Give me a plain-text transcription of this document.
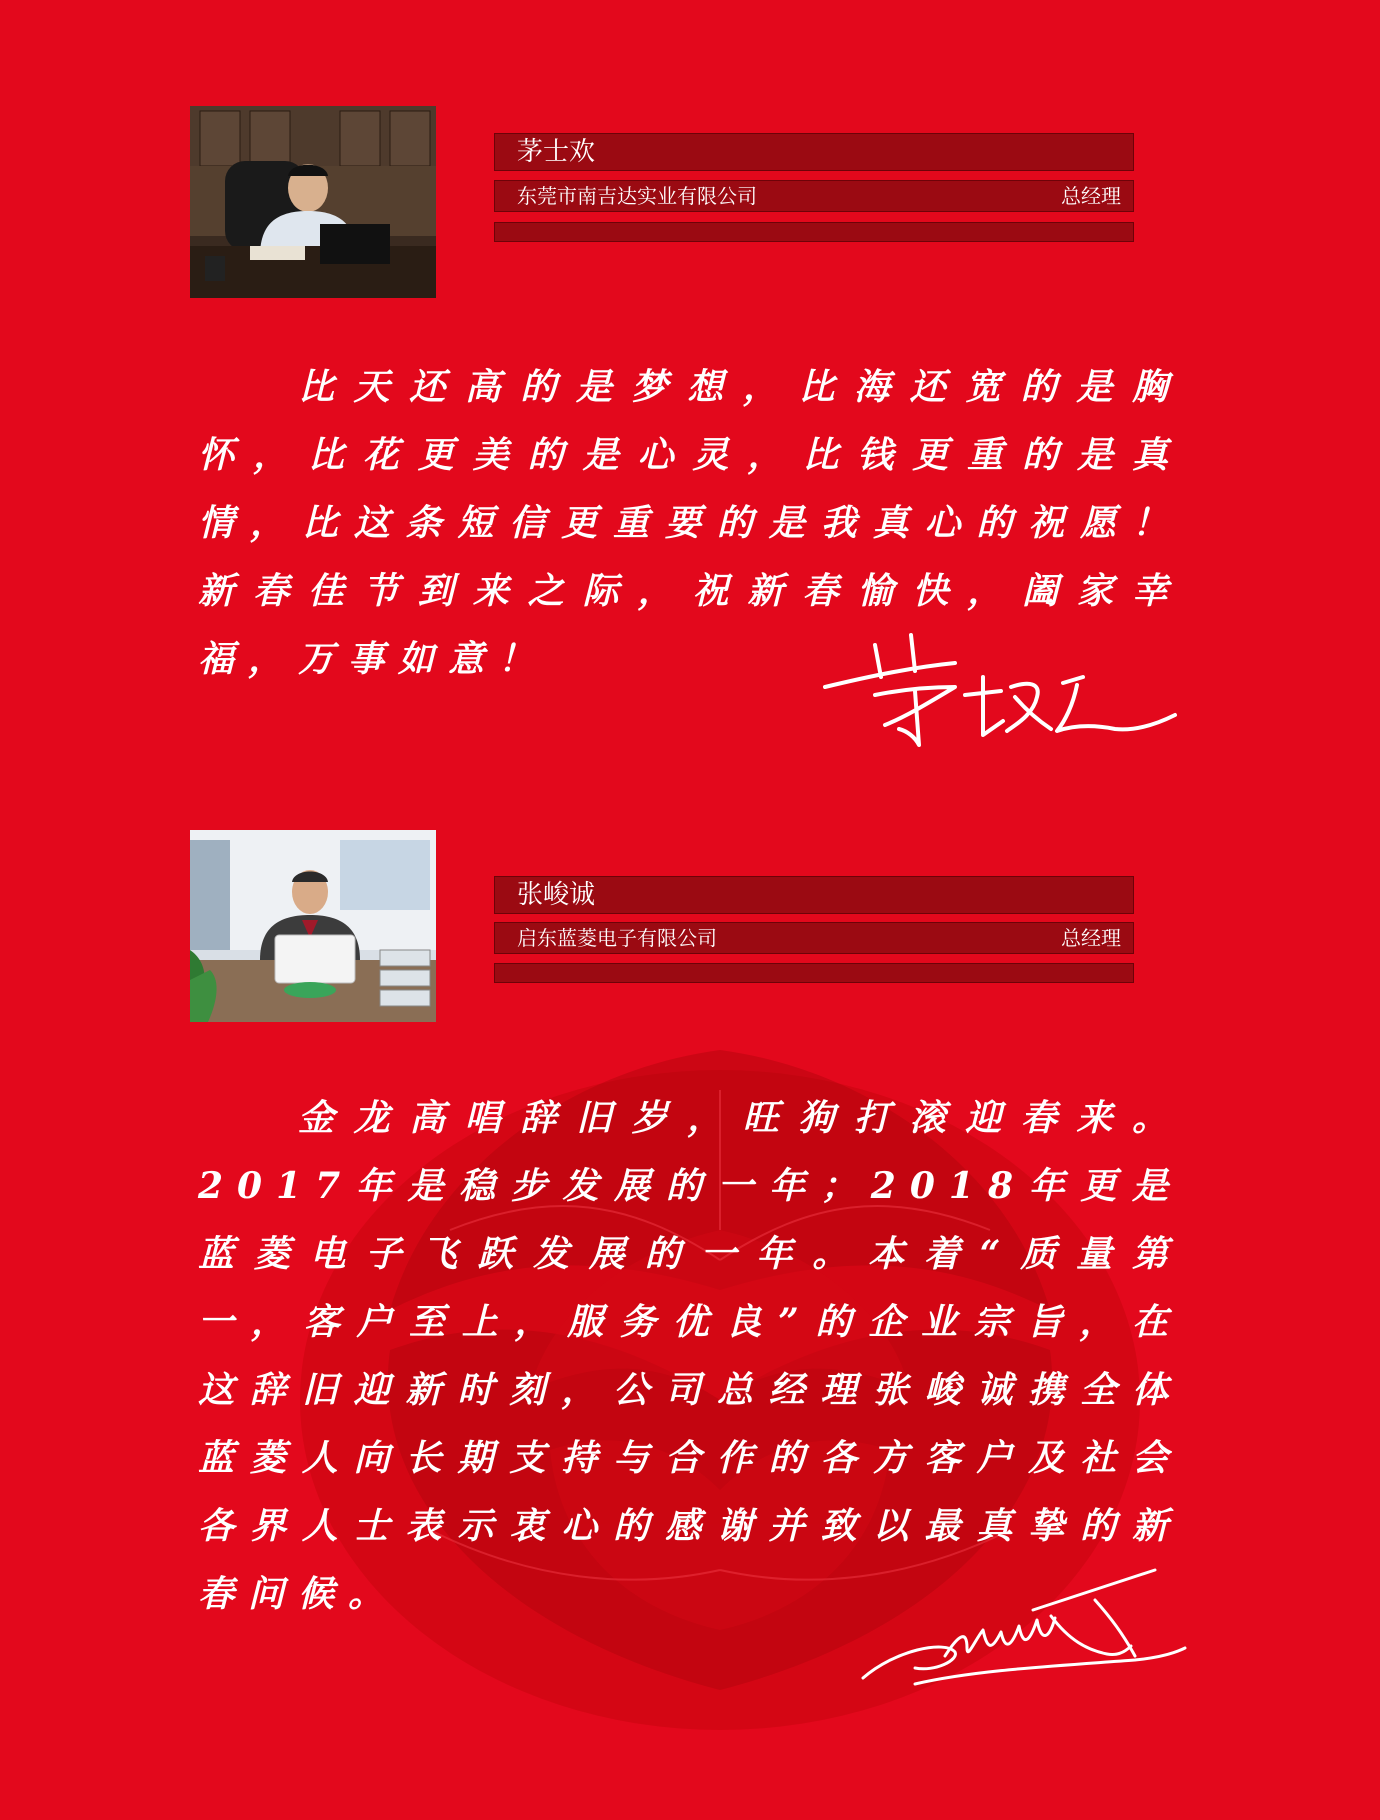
茅士欢
东莞市南吉达实业有限公司	总经理

比天还高的是梦想，比海还宽的是胸怀，比花更美的是心灵，比钱更重的是真情，比这条短信更重要的是我真心的祝愿！新春佳节到来之际，祝新春愉快，阖家幸福，万事如意！

张峻诚
启东蓝菱电子有限公司	总经理

金龙高唱辞旧岁，旺狗打滚迎春来。2017年是稳步发展的一年；2018年更是蓝菱电子飞跃发展的一年。本着“质量第一，客户至上，服务优良”的企业宗旨，在这辞旧迎新时刻，公司总经理张峻诚携全体蓝菱人向长期支持与合作的各方客户及社会各界人士表示衷心的感谢并致以最真挚的新春问候。
